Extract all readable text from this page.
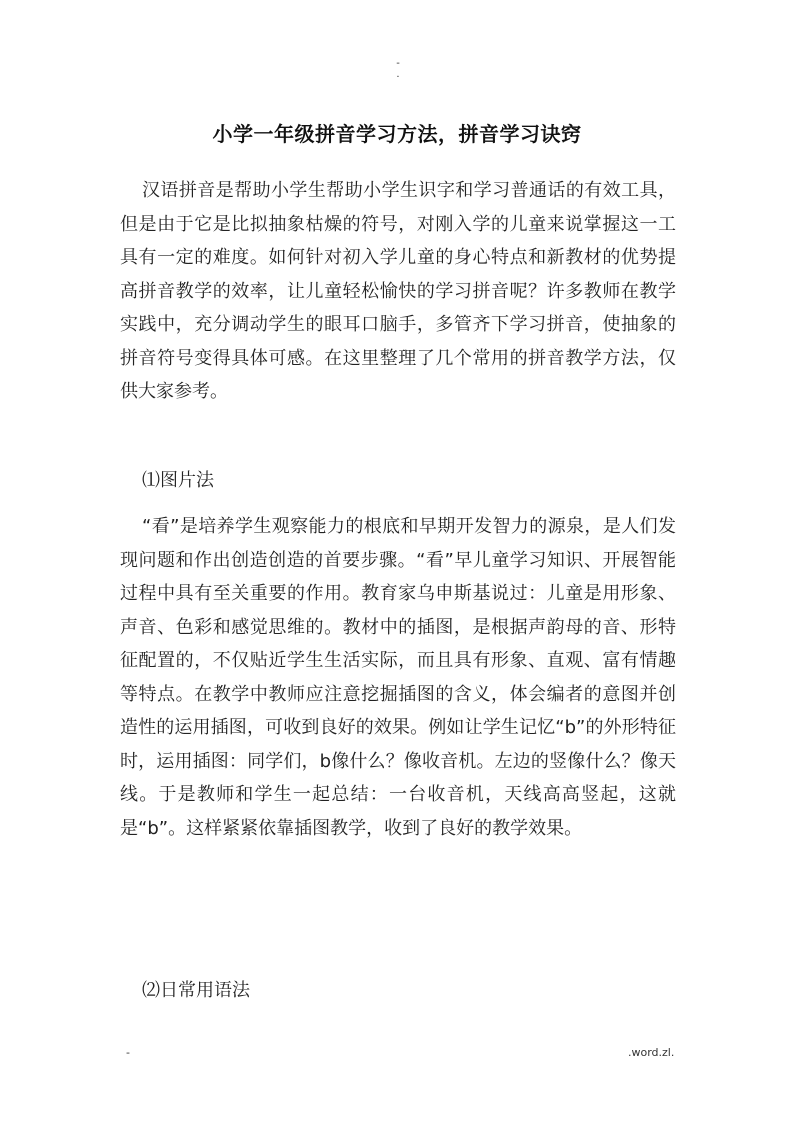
-
.
小学一年级拼音学习方法，拼音学习诀窍

汉语拼音是帮助小学生帮助小学生识字和学习普通话的有效工具，但是由于它是比拟抽象枯燥的符号，对刚入学的儿童来说掌握这一工具有一定的难度。如何针对初入学儿童的身心特点和新教材的优势提高拼音教学的效率，让儿童轻松愉快的学习拼音呢？许多教师在教学实践中，充分调动学生的眼耳口脑手，多管齐下学习拼音，使抽象的拼音符号变得具体可感。在这里整理了几个常用的拼音教学方法，仅供大家参考。

⑴图片法

“看”是培养学生观察能力的根底和早期开发智力的源泉，是人们发现问题和作出创造创造的首要步骤。“看”早儿童学习知识、开展智能过程中具有至关重要的作用。教育家乌申斯基说过：儿童是用形象、声音、色彩和感觉思维的。教材中的插图，是根据声韵母的音、形特征配置的，不仅贴近学生生活实际，而且具有形象、直观、富有情趣等特点。在教学中教师应注意挖掘插图的含义，体会编者的意图并创造性的运用插图，可收到良好的效果。例如让学生记忆“b”的外形特征时，运用插图：同学们，b像什么？像收音机。左边的竖像什么？像天线。于是教师和学生一起总结：一台收音机，天线高高竖起，这就是“b”。这样紧紧依靠插图教学，收到了良好的教学效果。

⑵日常用语法

-	.word.zl.
